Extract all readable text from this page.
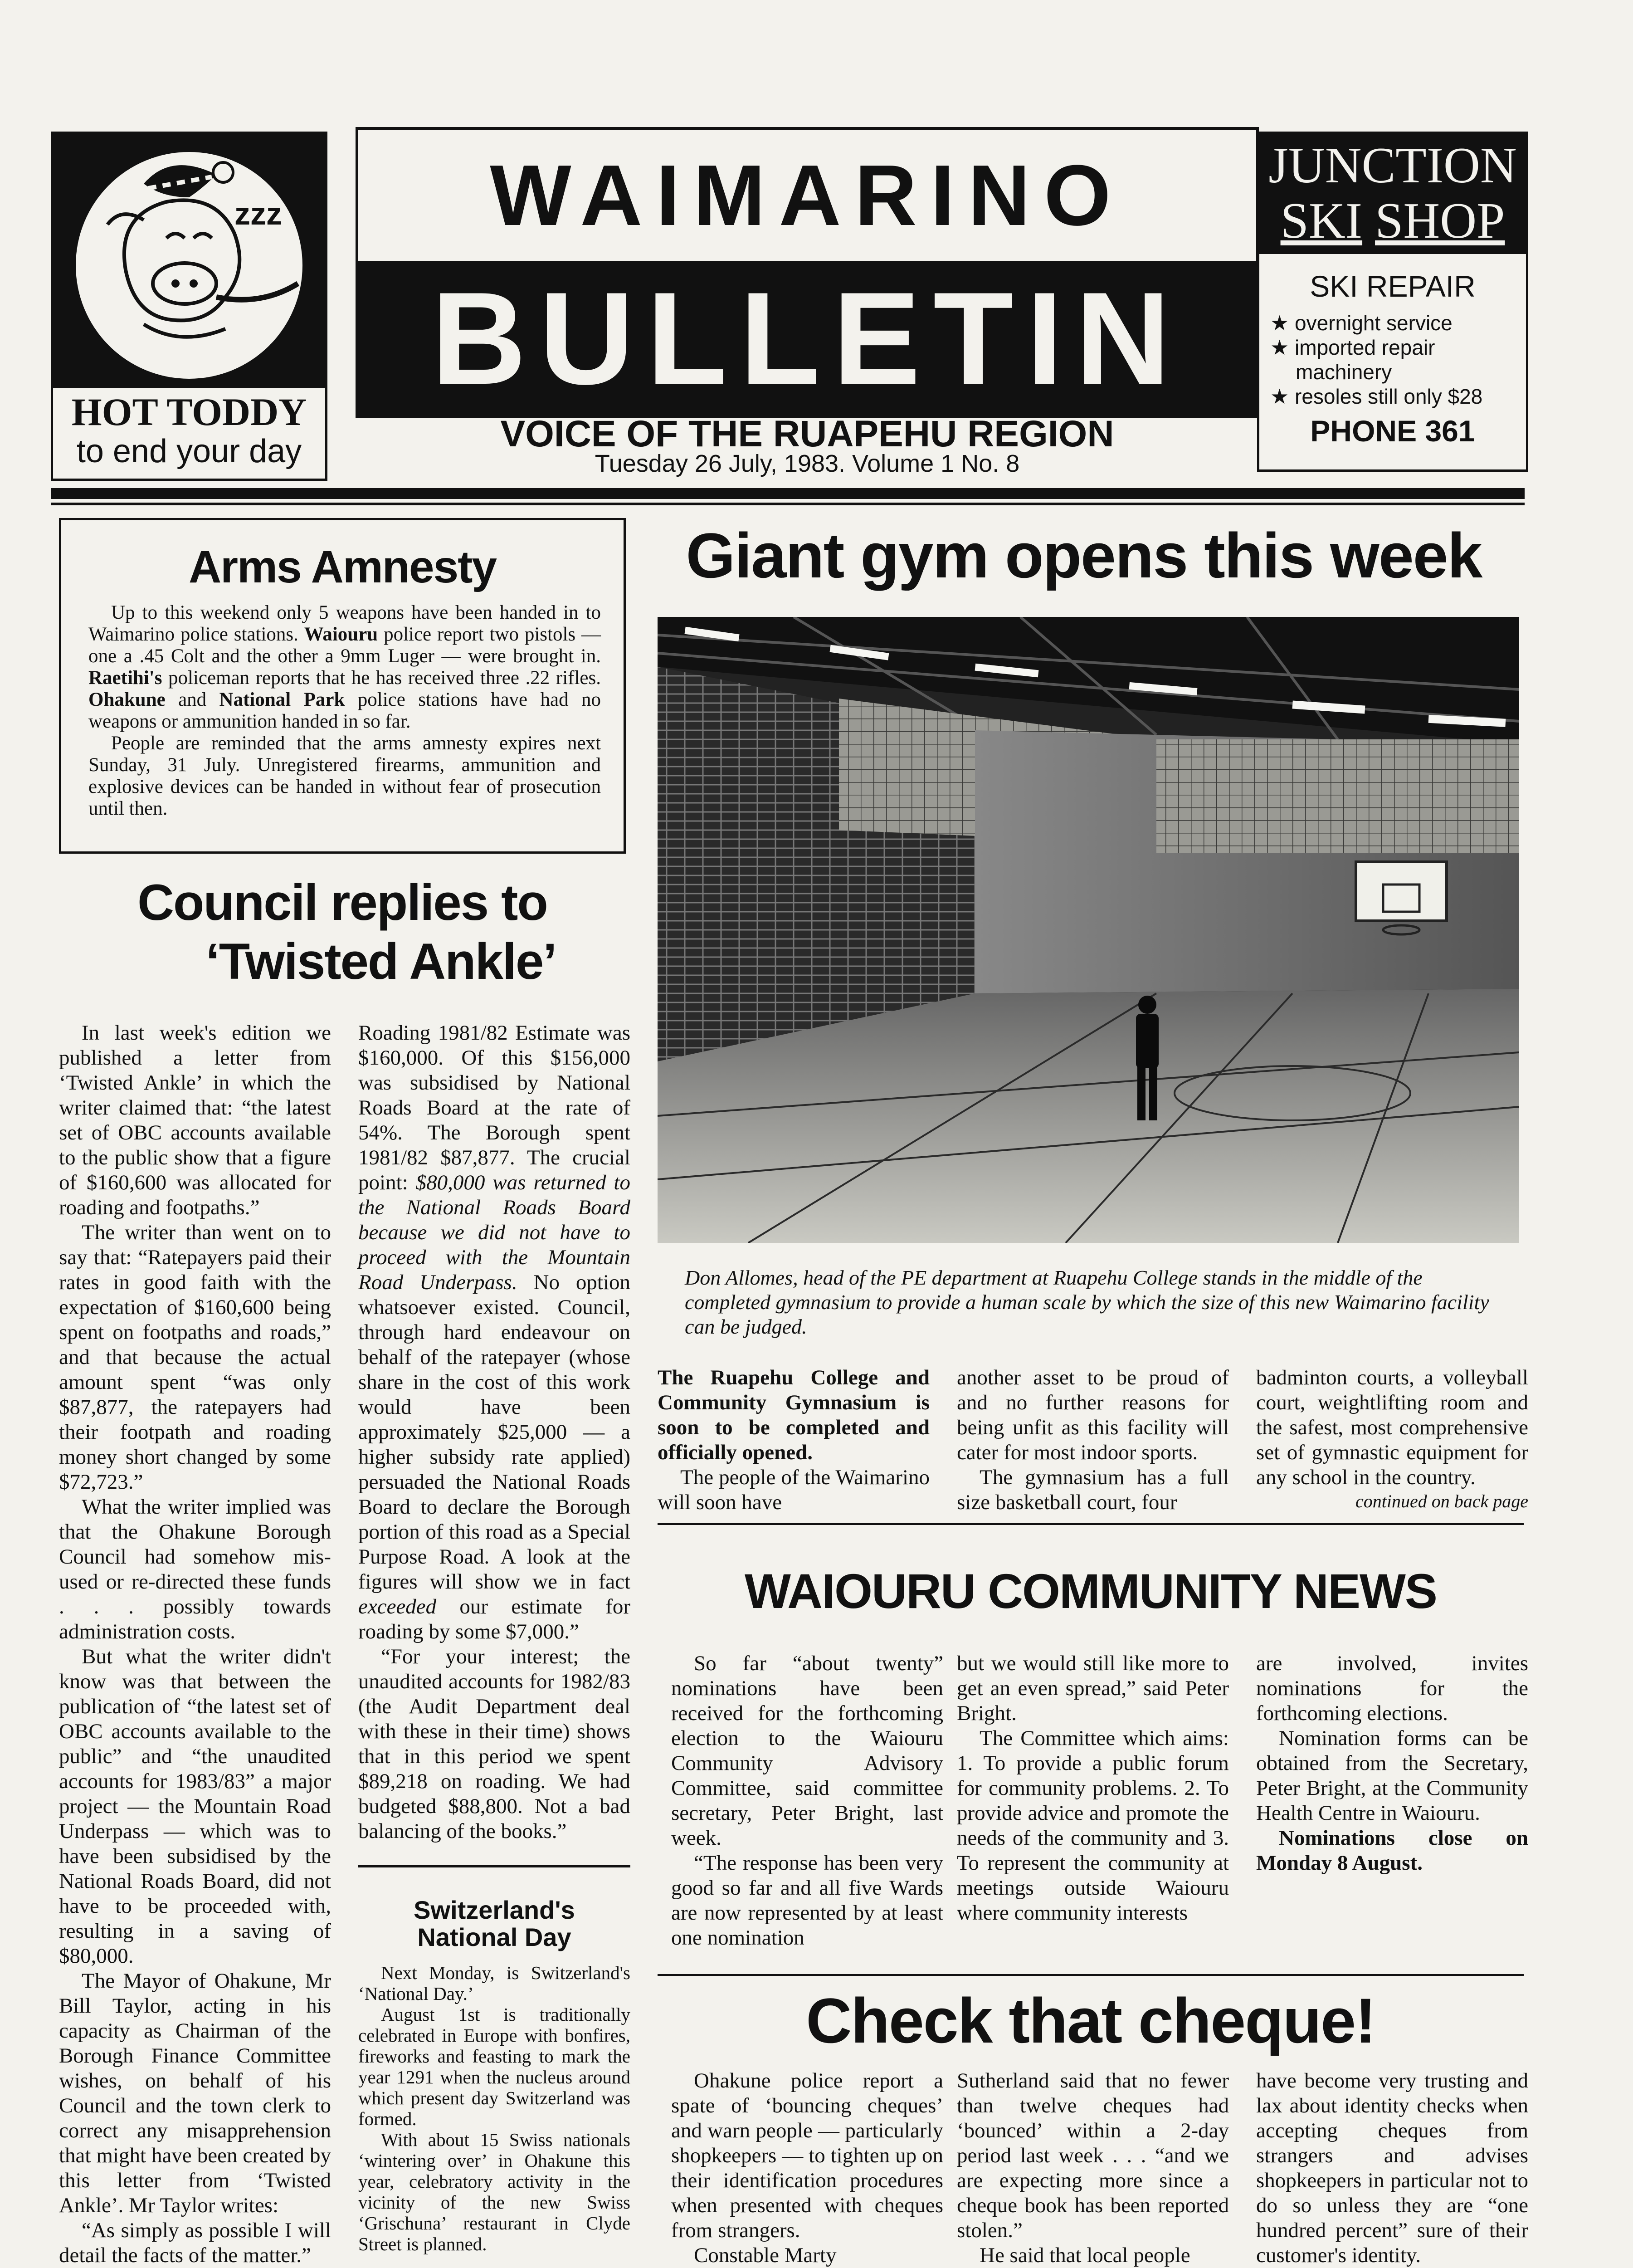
zzz
HOT TODDY
to end your day
WAIMARINO
BULLETIN
VOICE OF THE RUAPEHU REGION
Tuesday 26 July, 1983. Volume 1 No. 8
JUNCTION
SKI SHOP
SKI REPAIR
★ overnight service
★ imported repair machinery
★ resoles still only $28
PHONE 361
Arms Amnesty

Up to this weekend only 5 weapons have been handed in to Waimarino police stations. Waiouru police report two pistols — one a .45 Colt and the other a 9mm Luger — were brought in. Raetihi's policeman reports that he has received three .22 rifles. Ohakune and National Park police stations have had no weapons or ammunition handed in so far.

People are reminded that the arms amnesty expires next Sunday, 31 July. Unregistered firearms, ammunition and explosive devices can be handed in without fear of prosecution until then.

Council replies to
‘Twisted Ankle’

In last week's edition we published a letter from ‘Twisted Ankle’ in which the writer claimed that: “the latest set of OBC accounts available to the public show that a figure of $160,600 was allocated for roading and footpaths.”

The writer than went on to say that: “Ratepayers paid their rates in good faith with the expectation of $160,600 being spent on footpaths and roads,” and that because the actual amount spent “was only $87,877, the ratepayers had their footpath and roading money short changed by some $72,723.”

What the writer implied was that the Ohakune Borough Council had somehow mis-used or re-directed these funds . . . possibly towards administration costs.

But what the writer didn't know was that between the publication of “the latest set of OBC accounts available to the public” and “the unaudited accounts for 1983/83” a major project — the Mountain Road Underpass — which was to have been subsidised by the National Roads Board, did not have to be proceeded with, resulting in a saving of $80,000.

The Mayor of Ohakune, Mr Bill Taylor, acting in his capacity as Chairman of the Borough Finance Committee wishes, on behalf of his Council and the town clerk to correct any misapprehension that might have been created by this letter from ‘Twisted Ankle’. Mr Taylor writes:

“As simply as possible I will detail the facts of the matter.”

Roading 1981/82 Estimate was $160,000. Of this $156,000 was subsidised by National Roads Board at the rate of 54%. The Borough spent 1981/82 $87,877. The crucial point: $80,000 was returned to the National Roads Board because we did not have to proceed with the Mountain Road Underpass. No option whatsoever existed. Council, through hard endeavour on behalf of the ratepayer (whose share in the cost of this work would have been approximately $25,000 — a higher subsidy rate applied) persuaded the National Roads Board to declare the Borough portion of this road as a Special Purpose Road. A look at the figures will show we in fact exceeded our estimate for roading by some $7,000.”

“For your interest; the unaudited accounts for 1982/83 (the Audit Department deal with these in their time) shows that in this period we spent $89,218 on roading. We had budgeted $88,800. Not a bad balancing of the books.”

Switzerland's
National Day

Next Monday, is Switzerland's ‘National Day.’

August 1st is traditionally celebrated in Europe with bonfires, fireworks and feasting to mark the year 1291 when the nucleus around which present day Switzerland was formed.

With about 15 Swiss nationals ‘wintering over’ in Ohakune this year, celebratory activity in the vicinity of the new Swiss ‘Grischuna’ restaurant in Clyde Street is planned.

Giant gym opens this week
Don Allomes, head of the PE department at Ruapehu College stands in the middle of the completed gymnasium to provide a human scale by which the size of this new Waimarino facility can be judged.

The Ruapehu College and Community Gymnasium is soon to be completed and officially opened.

The people of the Waimarino will soon have

another asset to be proud of and no further reasons for being unfit as this facility will cater for most indoor sports.

The gymnasium has a full size basketball court, four

badminton courts, a volleyball court, weightlifting room and the safest, most comprehensive set of gymnastic equipment for any school in the country.

continued on back page
WAIOURU COMMUNITY NEWS

So far “about twenty” nominations have been received for the forthcoming election to the Waiouru Community Advisory Committee, said committee secretary, Peter Bright, last week.

“The response has been very good so far and all five Wards are now represented by at least one nomination

but we would still like more to get an even spread,” said Peter Bright.

The Committee which aims: 1. To provide a public forum for community problems. 2. To provide advice and promote the needs of the community and 3. To represent the community at meetings outside Waiouru where community interests

are involved, invites nominations for the forthcoming elections.

Nomination forms can be obtained from the Secretary, Peter Bright, at the Community Health Centre in Waiouru.

Nominations close on Monday 8 August.

Check that cheque!

Ohakune police report a spate of ‘bouncing cheques’ and warn people — particularly shopkeepers — to tighten up on their identification procedures when presented with cheques from strangers.

Constable Marty

Sutherland said that no fewer than twelve cheques had ‘bounced’ within a 2-day period last week . . . “and we are expecting more since a cheque book has been reported stolen.”

He said that local people

have become very trusting and lax about identity checks when accepting cheques from strangers and advises shopkeepers in particular not to do so unless they are “one hundred percent” sure of their customer's identity.
